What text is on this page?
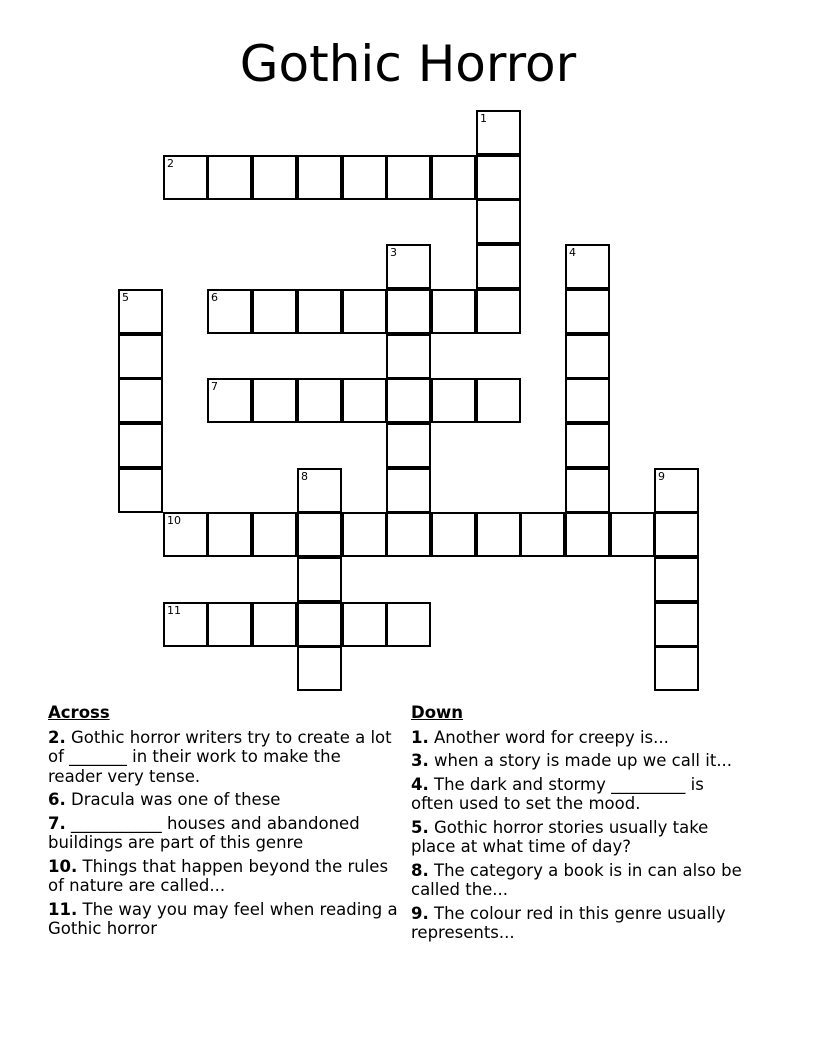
Gothic Horror
1
2
3	4
5	6
7
8	9
10
11
Across
2. Gothic horror writers try to create a lot of _______ in their work to make the reader very tense.
6. Dracula was one of these
7. ___________ houses and abandoned buildings are part of this genre
10. Things that happen beyond the rules of nature are called...
11. The way you may feel when reading a Gothic horror
Down
1. Another word for creepy is...
3. when a story is made up we call it...
4. The dark and stormy _________ is often used to set the mood.
5. Gothic horror stories usually take place at what time of day?
8. The category a book is in can also be called the...
9. The colour red in this genre usually represents...
